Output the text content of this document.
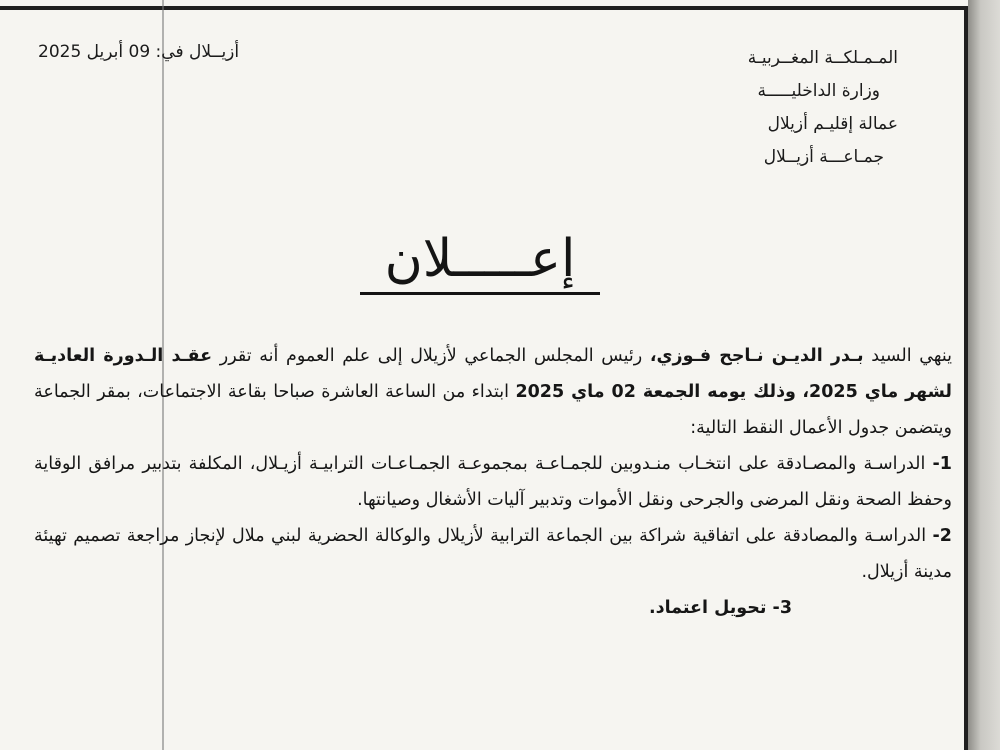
المـمـلكــة المغــربيـة
وزارة الداخليـــــة
عمالة إقليـم أزيلال
جمـاعـــة أزيــلال
أزيــلال في: 09 أبريل 2025
إعـــــلان

ينهي السيد بـدر الديـن نـاجح فـوزي، رئيس المجلس الجماعي لأزيلال إلى علم العموم أنه تقرر عقـد الـدورة العاديـة لشهر ماي 2025، وذلك يومه الجمعة 02 ماي 2025 ابتداء من الساعة العاشرة صباحا بقاعة الاجتماعات، بمقر الجماعة ويتضمن جدول الأعمال النقط التالية:

1- الدراسـة والمصـادقة على انتخـاب منـدوبين للجمـاعـة بمجموعـة الجمـاعـات الترابيـة أزيـلال، المكلفة بتدبير مرافق الوقاية وحفظ الصحة ونقل المرضى والجرحى ونقل الأموات وتدبير آليات الأشغال وصيانتها.

2- الدراسـة والمصادقة على اتفاقية شراكة بين الجماعة الترابية لأزيلال والوكالة الحضرية لبني ملال لإنجاز مراجعة تصميم تهيئة مدينة أزيلال.

3- تحويل اعتماد.
